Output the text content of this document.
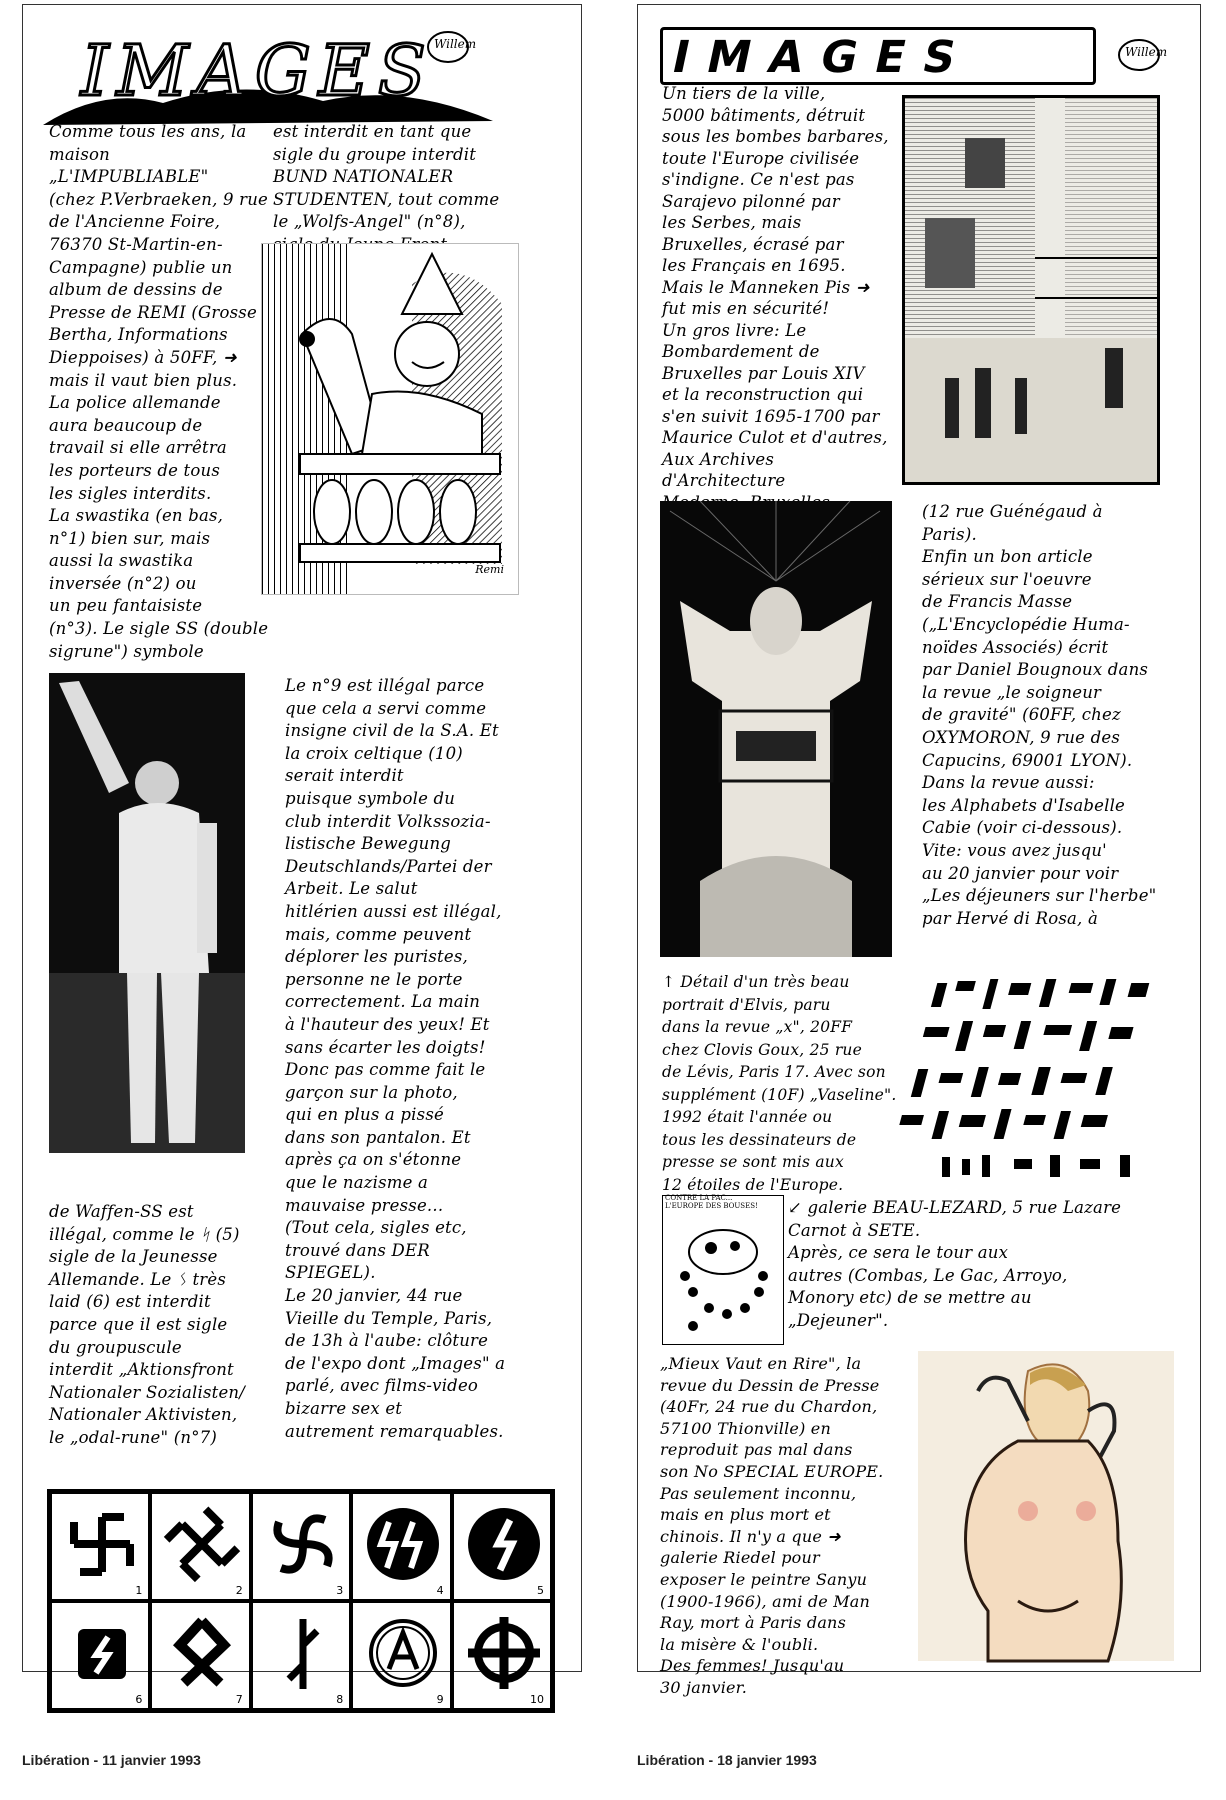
IMAGES Willem
Comme tous les ans, la
maison „L'IMPUBLIABLE"
(chez P.Verbraeken, 9 rue
de l'Ancienne Foire,
76370 St-Martin-en-
Campagne) publie un
album de dessins de
Presse de REMI (Grosse
Bertha, Informations
Dieppoises) à 50FF, ➜
mais il vaut bien plus.
La police allemande
aura beaucoup de
travail si elle arrêtra
les porteurs de tous
les sigles interdits.
La swastika (en bas,
n°1) bien sur, mais
aussi la swastika
inversée (n°2) ou
un peu fantaisiste
(n°3). Le sigle SS (double
sigrune") symbole
est interdit en tant que
sigle du groupe interdit
BUND NATIONALER
STUDENTEN, tout comme
le „Wolfs-Angel" (n°8),

Remi
Le n°9 est illégal parce
que cela a servi comme
insigne civil de la S.A. Et
la croix celtique (10)
serait interdit
puisque symbole du
club interdit Volkssozia-
listische Bewegung
Deutschlands/Partei der
Arbeit. Le salut
hitlérien aussi est illégal,
mais, comme peuvent
déplorer les puristes,
personne ne le porte
correctement. La main
à l'hauteur des yeux! Et
sans écarter les doigts!
Donc pas comme fait le
garçon sur la photo,
qui en plus a pissé
dans son pantalon. Et
après ça on s'étonne
que le nazisme a
mauvaise presse...
(Tout cela, sigles etc,
trouvé dans DER SPIEGEL).
Le 20 janvier, 44 rue
Vieille du Temple, Paris,
de 13h à l'aube: clôture
de l'expo dont „Images" a
parlé, avec films-video
bizarre sex et
autrement remarquables.
de Waffen-SS est
illégal, comme le ᛋ (5)
sigle de la Jeunesse
Allemande. Le ᛊ très
laid (6) est interdit
parce que il est sigle
du groupuscule
interdit „Aktionsfront
Nationaler Sozialisten/
Nationaler Aktivisten,
le „odal-rune" (n°7)
1	2	3	4	5
6	7	8	9	10
Libération - 11 janvier 1993
IMAGES	Willem
Un tiers de la ville,
5000 bâtiments, détruit
sous les bombes barbares,
toute l'Europe civilisée
s'indigne. Ce n'est pas
Sarajevo pilonné par
les Serbes, mais
Bruxelles, écrasé par
les Français en 1695.
Mais le Manneken Pis ➜
fut mis en sécurité!
Un gros livre: Le
Bombardement de
Bruxelles par Louis XIV
et la reconstruction qui
s'en suivit 1695-1700 par
Maurice Culot et d'autres,
Aux Archives d'Architecture

(12 rue Guénégaud à
Paris).
Enfin un bon article
sérieux sur l'oeuvre
de Francis Masse
(„L'Encyclopédie Huma-
noïdes Associés) écrit
par Daniel Bougnoux dans
la revue „le soigneur
de gravité" (60FF, chez
OXYMORON, 9 rue des
Capucins, 69001 LYON).
Dans la revue aussi:
les Alphabets d'Isabelle
Cabie (voir ci-dessous).
Vite: vous avez jusqu'
au 20 janvier pour voir
„Les déjeuners sur l'herbe"
par Hervé di Rosa, à
↑ Détail d'un très beau
portrait d'Elvis, paru
dans la revue „x", 20FF
chez Clovis Goux, 25 rue
de Lévis, Paris 17. Avec son
supplément (10F) „Vaseline".
1992 était l'année ou
tous les dessinateurs de
presse se sont mis aux
12 étoiles de l'Europe.
CONTRE LA PAC...
L'EUROPE DES BOUSES! ↙ galerie BEAU-LEZARD, 5 rue Lazare
Carnot à SETE.
Après, ce sera le tour aux
autres (Combas, Le Gac, Arroyo,
Monory etc) de se mettre au
„Dejeuner".
„Mieux Vaut en Rire", la
revue du Dessin de Presse
(40Fr, 24 rue du Chardon,
57100 Thionville) en
reproduit pas mal dans
son No SPECIAL EUROPE.
Pas seulement inconnu,
mais en plus mort et
chinois. Il n'y a que ➜
galerie Riedel pour
exposer le peintre Sanyu
(1900-1966), ami de Man
Ray, mort à Paris dans
la misère & l'oubli.
Des femmes! Jusqu'au
30 janvier.
Libération - 18 janvier 1993
